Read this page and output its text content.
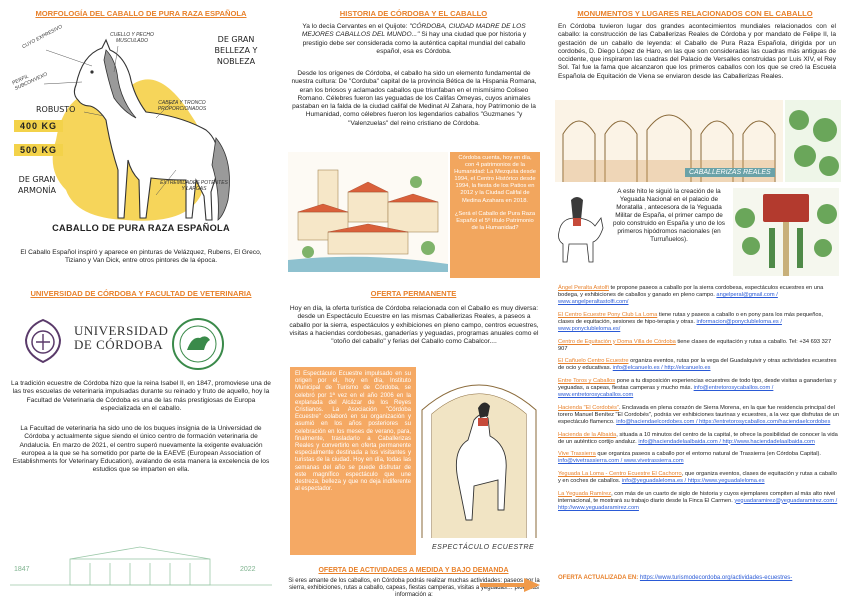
MORFOLOGÍA DEL CABALLO DE PURA RAZA ESPAÑOLA
CUYO EXPRESIVO
PERFIL SUBCONVEXO
CUELLO Y PECHO MUSCULADO	DE GRAN BELLEZA Y NOBLEZA
ROBUSTO
400 KG
500 KG
CABEZA Y TRONCO PROPORCIONADOS
DE GRAN ARMONÍA
EXTREMIDADES POTENTES Y LARGAS
CABALLO DE PURA RAZA ESPAÑOLA
El Caballo Español inspiró y aparece en pinturas de Velázquez, Rubens, El Greco, Tiziano y Van Dick, entre otros pintores de la época.
UNIVERSIDAD DE CÓRDOBA Y FACULTAD DE VETERINARIA
UNIVERSIDAD DE CÓRDOBA
La tradición ecuestre de Córdoba hizo que la reina Isabel II, en 1847, promoviese una de las tres escuelas de veterinaria impulsadas durante su reinado y fruto de aquello, hoy la Facultad de Veterinaria de Córdoba es una de las más prestigiosas de Europa especializada en el caballo.
La Facultad de veterinaria ha sido uno de los buques insignia de la Universidad de Córdoba y actualmente sigue siendo el único centro de formación veterinaria de Andalucía. En marzo de 2021, el centro superó nuevamente la exigente evaluación europea a la que se ha sometido por parte de la EAEVE (European Association of Establishments for Veterinary Education), avalando de esta manera la excelencia de los estudios que se imparten en ella.
1847	2022
HISTORIA DE CÓRDOBA Y EL CABALLO
Ya lo decía Cervantes en el Quijote: "CÓRDOBA, CIUDAD MADRE DE LOS MEJORES CABALLOS DEL MUNDO..." Si hay una ciudad que por historia y prestigio debe ser considerada como la auténtica capital mundial del caballo español, esa es Córdoba.
Desde los orígenes de Córdoba, el caballo ha sido un elemento fundamental de nuestra cultura: De "Corduba" capital de la provincia Bética de la Hispania Romana, eran los briosos y aclamados caballos que triunfaban en el mismísimo Coliseo Romano. Célebres fueron las yeguadas de los Califas Omeyas, cuyos animales pastaban en la falda de la ciudad califal de Medinat Al Zahara, hoy Patrimonio de la Humanidad, como célebres fueron los legendarios caballos "Guzmanes "y "Valenzuelas" del reino cristiano de Córdoba.
Córdoba cuenta, hoy en día, con 4 patrimonios de la Humanidad: La Mezquita desde 1994, el Centro Histórico desde 1994, la fiesta de los Patios en 2012 y la Ciudad Califal de Medina Azahara en 2018.
¿Será el Caballo de Pura Raza Español el 5º título Patrimonio de la Humanidad?
OFERTA PERMANENTE
Hoy en día, la oferta turística de Córdoba relacionada con el Caballo es muy diversa: desde un Espectáculo Ecuestre en las mismas Caballerizas Reales, a paseos a caballo por la sierra, espectáculos y exhibiciones en pleno campo, centros ecuestres, visitas a haciendas cordobesas, ganaderías y yeguadas, programas anuales como el "otoño del caballo" y ferias del Caballo como Cabalcor....
El Espectáculo Ecuestre impulsado en su origen por el, hoy en día, Instituto Municipal de Turismo de Córdoba, se celebró por 1ª vez en el año 2006 en la explanada del Alcázar de los Reyes Cristianos. La Asociación "Córdoba Ecuestre" colaboró en su organización y asumió en los años posteriores su celebración en los meses de verano, para, finalmente, trasladarlo a Caballerizas Reales y convertirlo en oferta permanente especialmente destinada a los visitantes y turistas de la ciudad. Hoy en día, todas las semanas del año se puede disfrutar de este magnífico espectáculo que une destreza, belleza y que no deja indiferente al espectador.
ESPECTÁCULO ECUESTRE
OFERTA DE ACTIVIDADES A MEDIDA Y BAJO DEMANDA
Si eres amante de los caballos, en Córdoba podrás realizar muchas actividades: paseos por la sierra, exhibiciones, rutas a caballo, capeas, fiestas camperas, visitas a yeguadas… pide más información a:
MONUMENTOS Y LUGARES RELACIONADOS CON EL CABALLO
En Córdoba tuvieron lugar dos grandes acontecimientos mundiales relacionados con el caballo: la construcción de las Caballerizas Reales de Córdoba y por mandato de Felipe II, la gestación de un caballo de leyenda: el Caballo de Pura Raza Española, dirigida por un cordobés, D. Diego López de Haro, en las que son consideradas las cuadras más antiguas de occidente, que inspiraron las cuadras del Palacio de Versalles construidas por Luis XIV, el Rey Sol. Tal fue la fama que alcanzaron que los primeros caballos con los que se creó la Escuela Española de Equitación de Viena se enviaron desde las Caballerizas Reales.
CABALLERIZAS REALES
A este hito le siguió la creación de la Yeguada Nacional en el palacio de Moratalla , antecesora de la Yeguada Militar de España, el primer campo de polo construido en España y uno de los primeros hipódromos nacionales (en Turruñuelos).
Ángel Peralta Astolfi te propone paseos a caballo por la sierra cordobesa, espectáculos ecuestres en una bodega, y exhibiciones de caballos y ganado en pleno campo. angelperal@gmail.com / www.angelperaltastolfi.com/
El Centro Ecuestre Pony Club La Loma tiene rutas y paseos a caballo o en pony para los más pequeños, clases de equitación, sesiones de hipo-terapia y otras. informacion@ponyclubleloma.es / www.ponyclubleloma.es/
Centro de Equitación y Doma Villa de Córdoba tiene clases de equitación y rutas a caballo. Tel: +34 693 327 907
El Cañuelo Centro Ecuestre organiza eventos, rutas por la vega del Guadalquivir y otras actividades ecuestres de ocio y educativas. info@elcanuelo.es / http://elcanuelo.es
Entre Toros y Caballos pone a tu disposición experiencias ecuestres de todo tipo, desde visitas a ganaderías y yeguadas, a capeas, fiestas camperas y mucho más. info@entretorosycaballos.com / www.entretorosycaballos.com
Hacienda "El Cordobés". Enclavada en plena corazón de Sierra Morena, en la que fue residencia principal del torero Manuel Benítez "El Cordobés", podrás ver exhibiciones taurinas y ecuestres, a la vez que disfrutas de un espectáculo flamenco. info@haciendaelcordobes.com / https://entretorosycaballos.com/haciendaelcordobes
Hacienda de la Albaida, situada a 10 minutos del centro de la capital, te ofrece la posibilidad de conocer la vida de un auténtico cortijo andaluz. info@haciendadelaalbaida.com / http://www.haciendadelaalbaida.com
Vive Trassierra que organiza paseos a caballo por el entorno natural de Trassierra (en Córdoba Capital). info@vivetrassierra.com / www.vivetrassierra.com
Yeguada La Loma - Centro Ecuestre El Cachorro, que organiza eventos, clases de equitación y rutas a caballo y en coches de caballos. info@yeguadaleloma.es / https://www.yeguadaleloma.es
La Yeguada Ramírez, con más de un cuarto de siglo de historia y cuyos ejemplares compiten al más alto nivel internacional, te mostrará su trabajo diario desde la Finca El Carmen. yeguadaramirez@yeguadaramirez.com / http://www.yeguadaramirez.com
OFERTA ACTUALIZADA EN: https://www.turismodecordoba.org/actividades-ecuestres-
